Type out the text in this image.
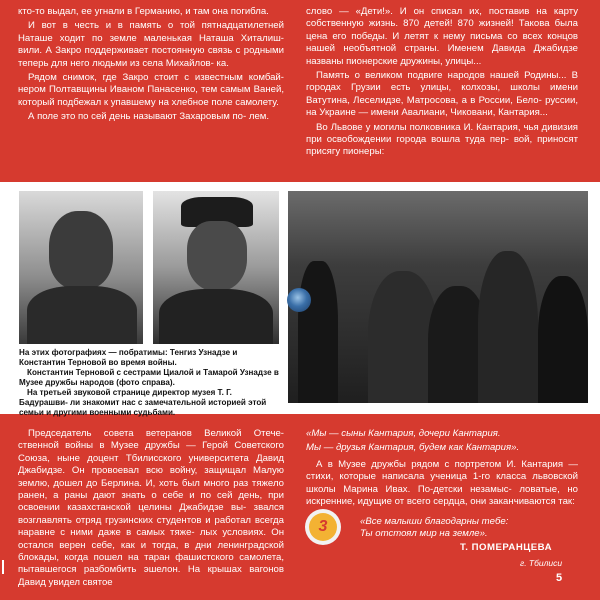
кто-то выдал, ее угнали в Германию, и там она погибла.

И вот в честь и в память о той пятнадцатилетней Наташе ходит по земле маленькая Наташа Хиталиш- вили. А Закро поддерживает постоянную связь с родными теперь для него людьми из села Михайлов- ка.

Рядом снимок, где Закро стоит с известным комбай- нером Полтавщины Иваном Панасенко, тем самым Ваней, который подбежал к упавшему на хлебное поле самолету.

А поле это по сей день называют Захаровым по- лем.

слово — «Дети!». И он списал их, поставив на карту собственную жизнь. 870 детей! 870 жизней! Такова была цена его победы. И летят к нему письма со всех концов нашей необъятной страны. Именем Давида Джабидзе названы пионерские дружины, улицы...

Память о великом подвиге народов нашей Родины... В городах Грузии есть улицы, колхозы, школы имени Ватутина, Леселидзе, Матросова, а в России, Бело- руссии, на Украине — имени Авалиани, Чиковани, Кантария...

Во Львове у могилы полковника И. Кантария, чья дивизия при освобождении города вошла туда пер- вой, приносят присягу пионеры:

На этих фотографиях — побратимы: Тенгиз Узнадзе и Константин Терновой во время войны.

Константин Терновой с сестрами Циалой и Тамарой Узнадзе в Музее дружбы народов (фото справа).

На третьей звуковой странице директор музея Т. Г. Бадурашви- ли знакомит нас с замечательной историей этой семьи и другими военными судьбами.

Председатель совета ветеранов Великой Отече- ственной войны в Музее дружбы — Герой Советского Союза, ныне доцент Тбилисского университета Давид Джабидзе. Он провоевал всю войну, защищал Малую землю, дошел до Берлина. И, хоть был много раз тяжело ранен, а раны дают знать о себе и по сей день, при освоении казахстанской целины Джабидзе вы- звался возглавлять отряд грузинских студентов и работал всегда наравне с ними даже в самых тяже- лых условиях. Он остался верен себе, как и тогда, в дни ленинградской блокады, когда пошел на таран фашистского самолета, пытавшегося разбомбить эшелон. На крышах вагонов Давид увидел святое

«Мы — сыны Кантария, дочери Кантария.

Мы — друзья Кантария, будем как Кантария».

А в Музее дружбы рядом с портретом И. Кантария — стихи, которые написала ученица 1-го класса львовской школы Марина Ивах. По-детски незамыс- ловатые, но искренние, идущие от всего сердца, они заканчиваются так:

3	«Все малыши благодарны тебе:
Ты отстоял мир на земле».
Т. ПОМЕРАНЦЕВА
г. Тбилиси
5
